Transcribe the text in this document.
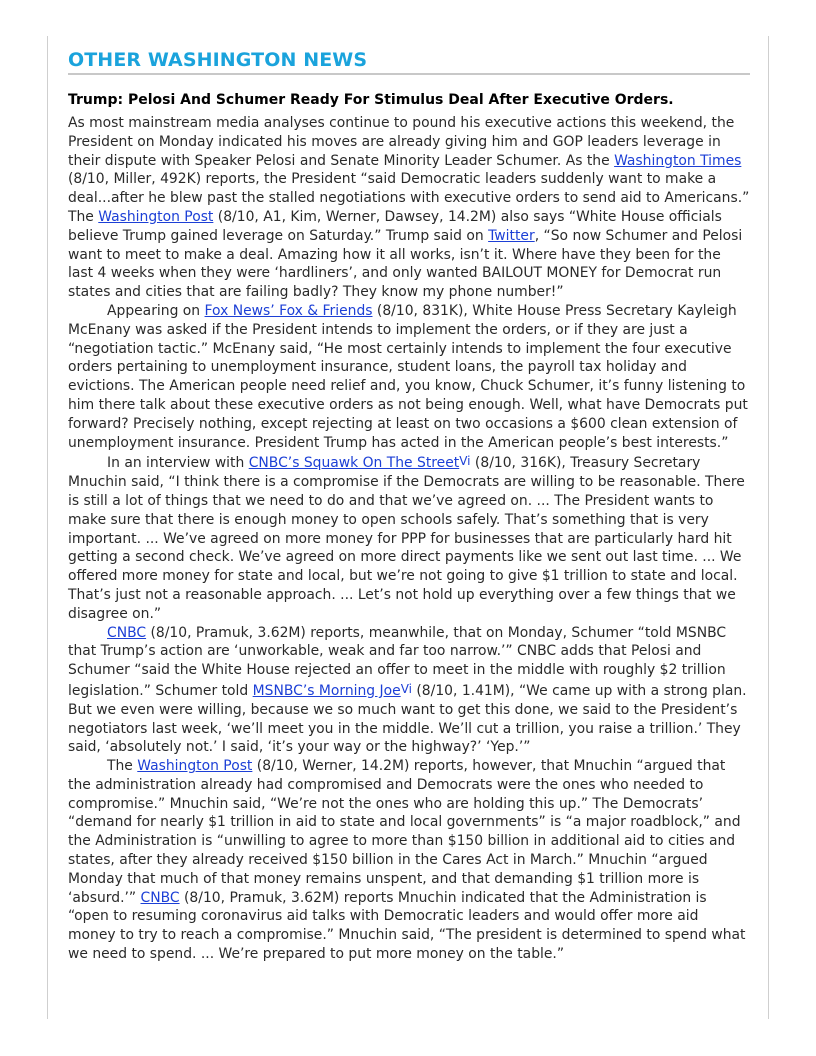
OTHER WASHINGTON NEWS
Trump: Pelosi And Schumer Ready For Stimulus Deal After Executive Orders.

As most mainstream media analyses continue to pound his executive actions this weekend, the President on Monday indicated his moves are already giving him and GOP leaders leverage in their dispute with Speaker Pelosi and Senate Minority Leader Schumer. As the Washington Times (8/10, Miller, 492K) reports, the President “said Democratic leaders suddenly want to make a deal...after he blew past the stalled negotiations with executive orders to send aid to Americans.” The Washington Post (8/10, A1, Kim, Werner, Dawsey, 14.2M) also says “White House officials believe Trump gained leverage on Saturday.” Trump said on Twitter, “So now Schumer and Pelosi want to meet to make a deal. Amazing how it all works, isn’t it. Where have they been for the last 4 weeks when they were ‘hardliners’, and only wanted BAILOUT MONEY for Democrat run states and cities that are failing badly? They know my phone number!”

Appearing on Fox News’ Fox & Friends (8/10, 831K), White House Press Secretary Kayleigh McEnany was asked if the President intends to implement the orders, or if they are just a “negotiation tactic.” McEnany said, “He most certainly intends to implement the four executive orders pertaining to unemployment insurance, student loans, the payroll tax holiday and evictions. The American people need relief and, you know, Chuck Schumer, it’s funny listening to him there talk about these executive orders as not being enough. Well, what have Democrats put forward? Precisely nothing, except rejecting at least on two occasions a $600 clean extension of unemployment insurance. President Trump has acted in the American people’s best interests.”

In an interview with CNBC’s Squawk On The StreetVi (8/10, 316K), Treasury Secretary Mnuchin said, “I think there is a compromise if the Democrats are willing to be reasonable. There is still a lot of things that we need to do and that we’ve agreed on. ... The President wants to make sure that there is enough money to open schools safely. That’s something that is very important. ... We’ve agreed on more money for PPP for businesses that are particularly hard hit getting a second check. We’ve agreed on more direct payments like we sent out last time. ... We offered more money for state and local, but we’re not going to give $1 trillion to state and local. That’s just not a reasonable approach. ... Let’s not hold up everything over a few things that we disagree on.”

CNBC (8/10, Pramuk, 3.62M) reports, meanwhile, that on Monday, Schumer “told MSNBC that Trump’s action are ‘unworkable, weak and far too narrow.’” CNBC adds that Pelosi and Schumer “said the White House rejected an offer to meet in the middle with roughly $2 trillion legislation.” Schumer told MSNBC’s Morning JoeVi (8/10, 1.41M), “We came up with a strong plan. But we even were willing, because we so much want to get this done, we said to the President’s negotiators last week, ‘we’ll meet you in the middle. We’ll cut a trillion, you raise a trillion.’ They said, ‘absolutely not.’ I said, ‘it’s your way or the highway?’ ‘Yep.’”

The Washington Post (8/10, Werner, 14.2M) reports, however, that Mnuchin “argued that the administration already had compromised and Democrats were the ones who needed to compromise.” Mnuchin said, “We’re not the ones who are holding this up.” The Democrats’ “demand for nearly $1 trillion in aid to state and local governments” is “a major roadblock,” and the Administration is “unwilling to agree to more than $150 billion in additional aid to cities and states, after they already received $150 billion in the Cares Act in March.” Mnuchin “argued Monday that much of that money remains unspent, and that demanding $1 trillion more is ‘absurd.’” CNBC (8/10, Pramuk, 3.62M) reports Mnuchin indicated that the Administration is “open to resuming coronavirus aid talks with Democratic leaders and would offer more aid money to try to reach a compromise.” Mnuchin said, “The president is determined to spend what we need to spend. ... We’re prepared to put more money on the table.”
